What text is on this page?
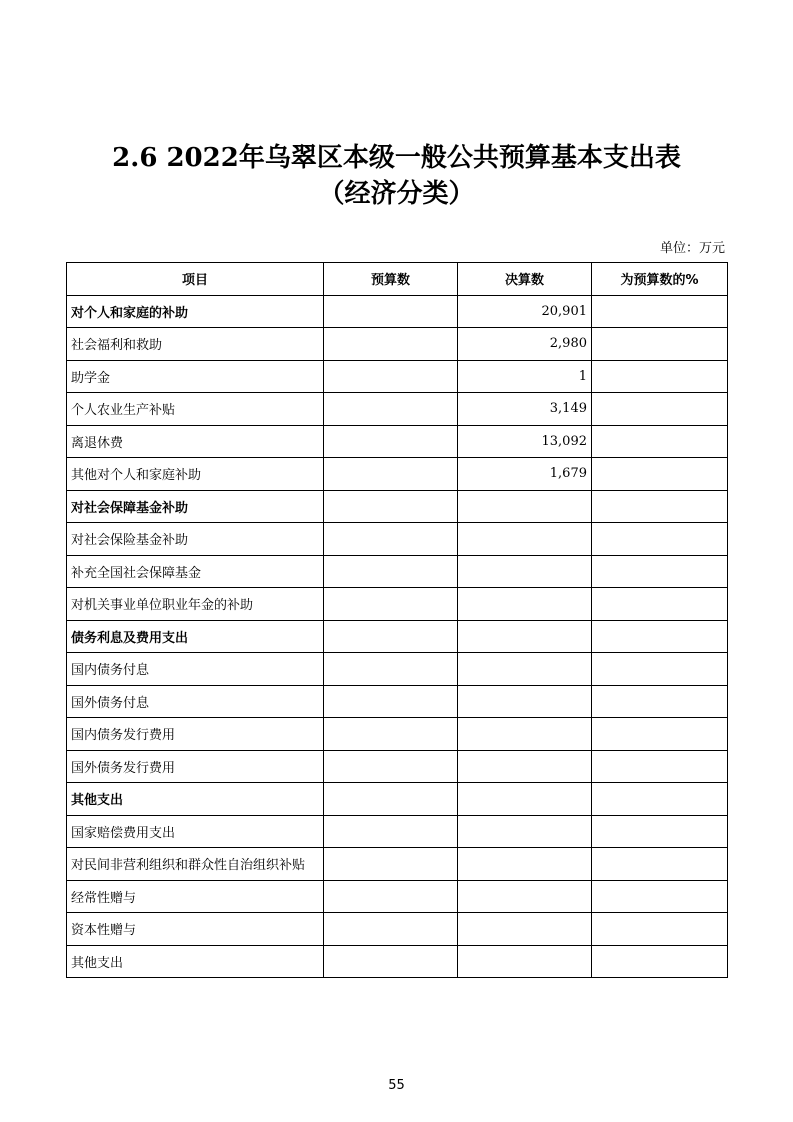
2.6 2022年乌翠区本级一般公共预算基本支出表
（经济分类）
单位：万元
项目	预算数	决算数	为预算数的%
对个人和家庭的补助		20,901	
社会福利和救助		2,980	
助学金		1	
个人农业生产补贴		3,149	
离退休费		13,092	
其他对个人和家庭补助		1,679	
对社会保障基金补助			
对社会保险基金补助			
补充全国社会保障基金			
对机关事业单位职业年金的补助			
债务利息及费用支出			
国内债务付息			
国外债务付息			
国内债务发行费用			
国外债务发行费用			
其他支出			
国家赔偿费用支出			
对民间非营利组织和群众性自治组织补贴			
经常性赠与			
资本性赠与			
其他支出			
55
